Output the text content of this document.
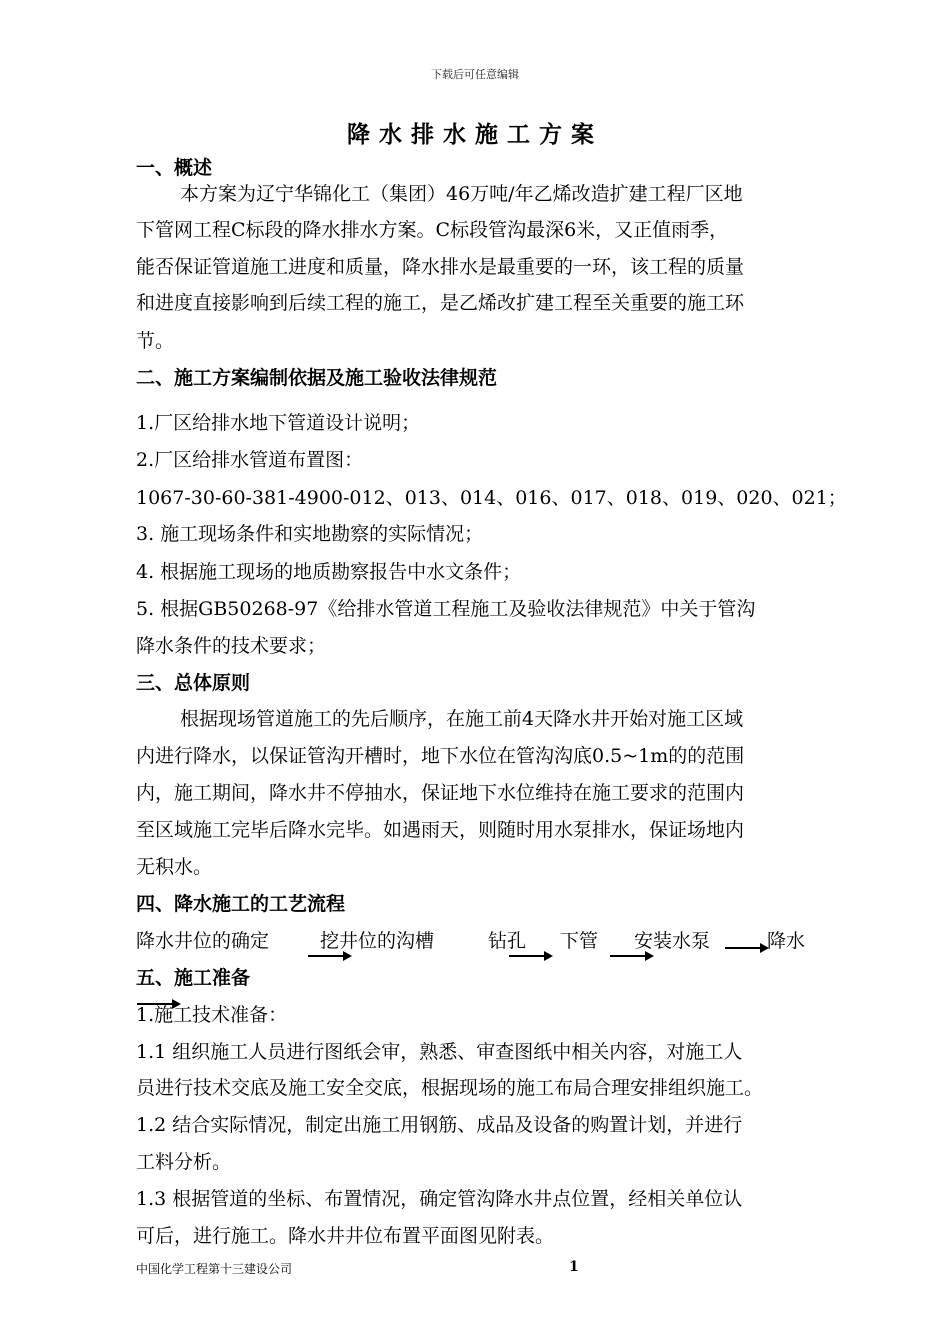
下载后可任意编辑
降水排水施工方案
一、概述
本方案为辽宁华锦化工（集团）46万吨/年乙烯改造扩建工程厂区地
下管网工程C标段的降水排水方案。C标段管沟最深6米，又正值雨季，
能否保证管道施工进度和质量，降水排水是最重要的一环，该工程的质量
和进度直接影响到后续工程的施工，是乙烯改扩建工程至关重要的施工环
节。
二、施工方案编制依据及施工验收法律规范
1.厂区给排水地下管道设计说明；
2.厂区给排水管道布置图：
1067-30-60-381-4900-012、013、014、016、017、018、019、020、021；
3. 施工现场条件和实地勘察的实际情况；
4. 根据施工现场的地质勘察报告中水文条件；
5. 根据GB50268-97《给排水管道工程施工及验收法律规范》中关于管沟
降水条件的技术要求；
三、总体原则
根据现场管道施工的先后顺序，在施工前4天降水井开始对施工区域
内进行降水，以保证管沟开槽时，地下水位在管沟沟底0.5~1m的的范围
内，施工期间，降水井不停抽水，保证地下水位维持在施工要求的范围内
至区域施工完毕后降水完毕。如遇雨天，则随时用水泵排水，保证场地内
无积水。
四、降水施工的工艺流程
降水井位的确定	挖井位的沟槽	钻孔 下管 安装水泵	降水
五、施工准备
1.施工技术准备：
1.1 组织施工人员进行图纸会审，熟悉、审查图纸中相关内容，对施工人
员进行技术交底及施工安全交底，根据现场的施工布局合理安排组织施工。
1.2 结合实际情况，制定出施工用钢筋、成品及设备的购置计划，并进行
工料分析。
1.3 根据管道的坐标、布置情况，确定管沟降水井点位置，经相关单位认
可后，进行施工。降水井井位布置平面图见附表。
中国化学工程第十三建设公司	1
